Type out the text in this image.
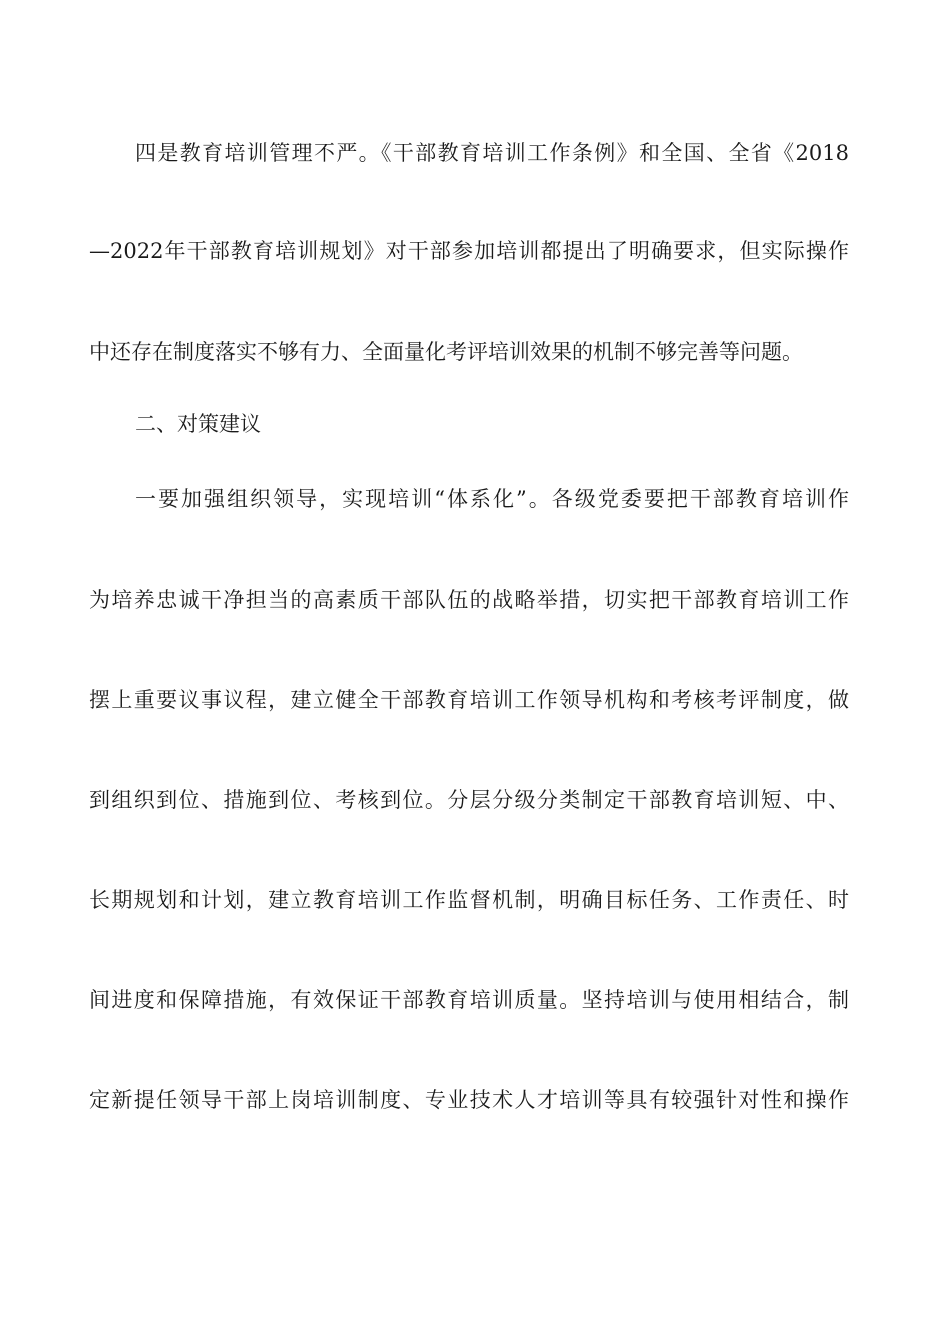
四是教育培训管理不严。《干部教育培训工作条例》和全国、全省《2018
—2022年干部教育培训规划》对干部参加培训都提出了明确要求，但实际操作
中还存在制度落实不够有力、全面量化考评培训效果的机制不够完善等问题。
二、对策建议
一要加强组织领导，实现培训“体系化”。各级党委要把干部教育培训作
为培养忠诚干净担当的高素质干部队伍的战略举措，切实把干部教育培训工作
摆上重要议事议程，建立健全干部教育培训工作领导机构和考核考评制度，做
到组织到位、措施到位、考核到位。分层分级分类制定干部教育培训短、中、
长期规划和计划，建立教育培训工作监督机制，明确目标任务、工作责任、时
间进度和保障措施，有效保证干部教育培训质量。坚持培训与使用相结合，制
定新提任领导干部上岗培训制度、专业技术人才培训等具有较强针对性和操作
